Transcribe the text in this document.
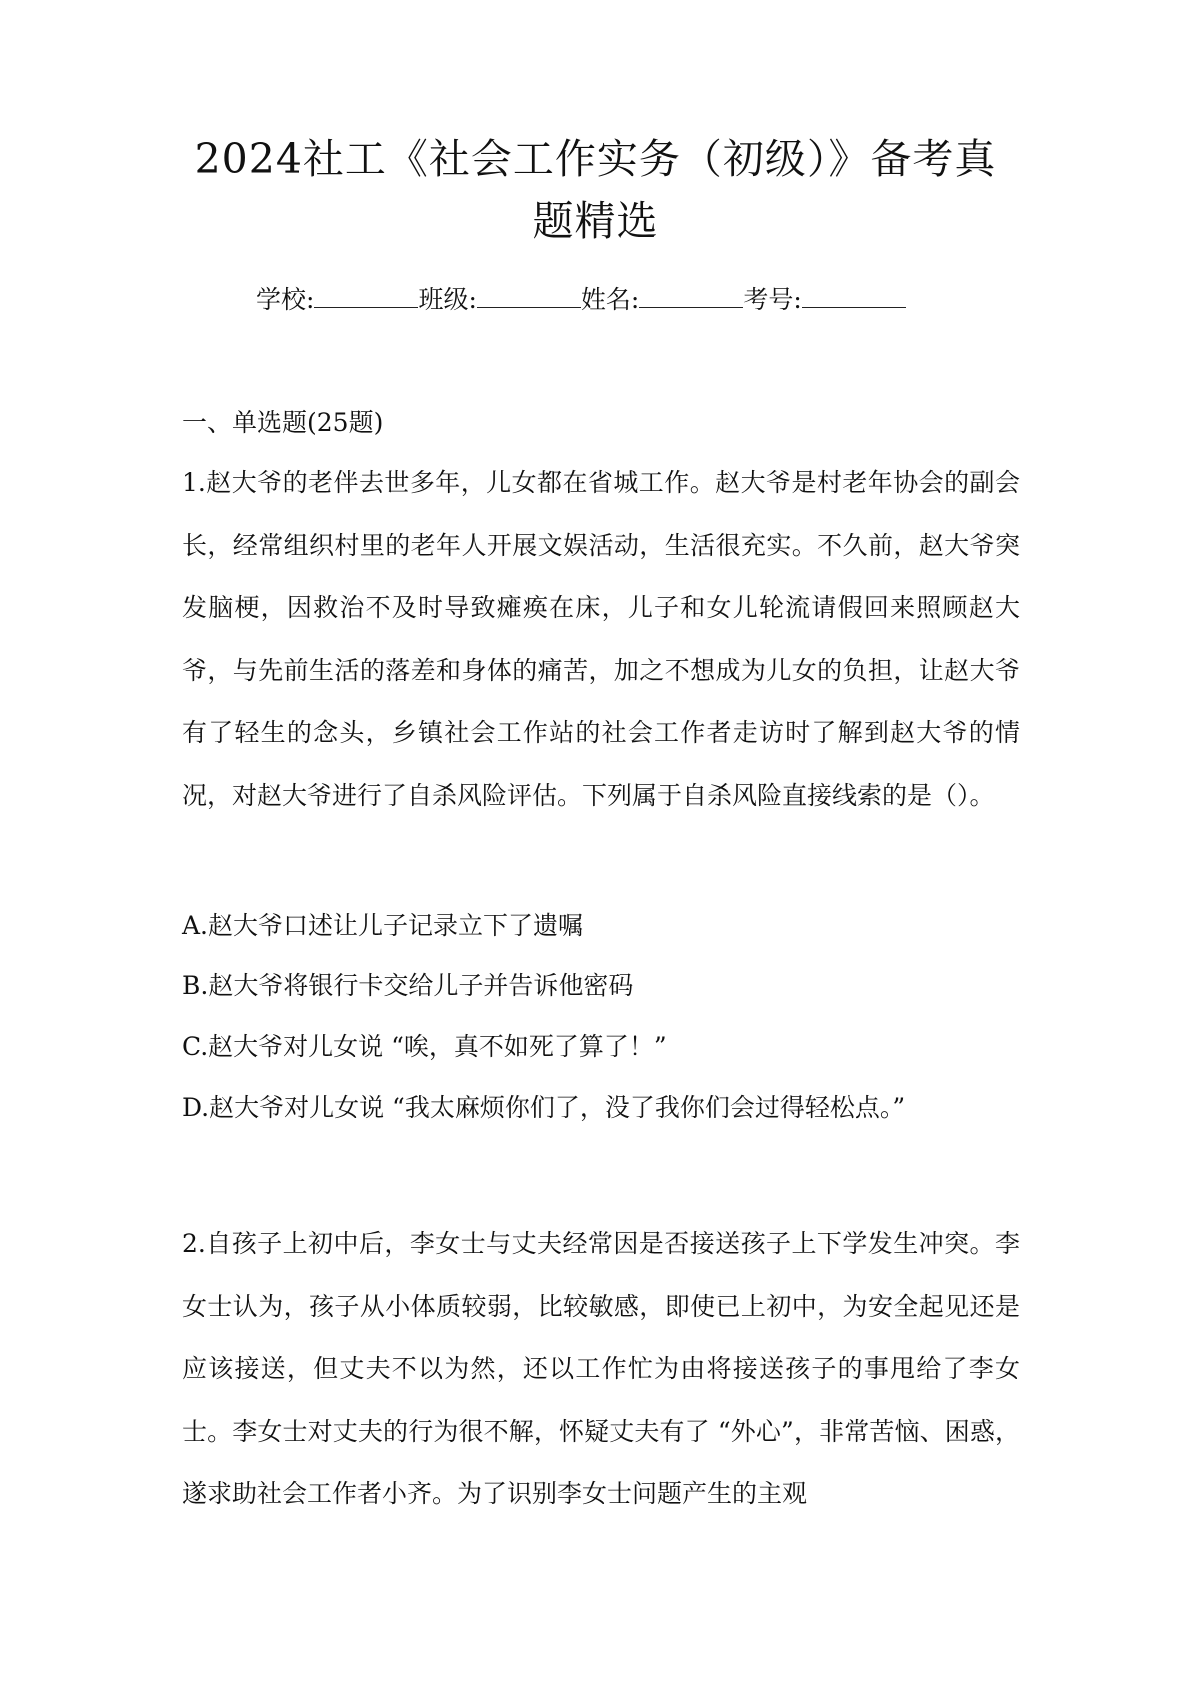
2024社工《社会工作实务（初级）》备考真
题精选
学校:	班级:	姓名:	考号:
一、单选题(25题)

1.赵大爷的老伴去世多年，儿女都在省城工作。赵大爷是村老年协会的副会长，经常组织村里的老年人开展文娱活动，生活很充实。不久前，赵大爷突发脑梗，因救治不及时导致瘫痪在床，儿子和女儿轮流请假回来照顾赵大爷，与先前生活的落差和身体的痛苦，加之不想成为儿女的负担，让赵大爷有了轻生的念头，乡镇社会工作站的社会工作者走访时了解到赵大爷的情况，对赵大爷进行了自杀风险评估。下列属于自杀风险直接线索的是（）。

A.赵大爷口述让儿子记录立下了遗嘱
B.赵大爷将银行卡交给儿子并告诉他密码
C.赵大爷对儿女说 “唉，真不如死了算了！”
D.赵大爷对儿女说 “我太麻烦你们了，没了我你们会过得轻松点。”

2.自孩子上初中后，李女士与丈夫经常因是否接送孩子上下学发生冲突。李女士认为，孩子从小体质较弱，比较敏感，即使已上初中，为安全起见还是应该接送，但丈夫不以为然，还以工作忙为由将接送孩子的事甩给了李女士。李女士对丈夫的行为很不解，怀疑丈夫有了 “外心”，非常苦恼、困惑，遂求助社会工作者小齐。为了识别李女士问题产生的主观
